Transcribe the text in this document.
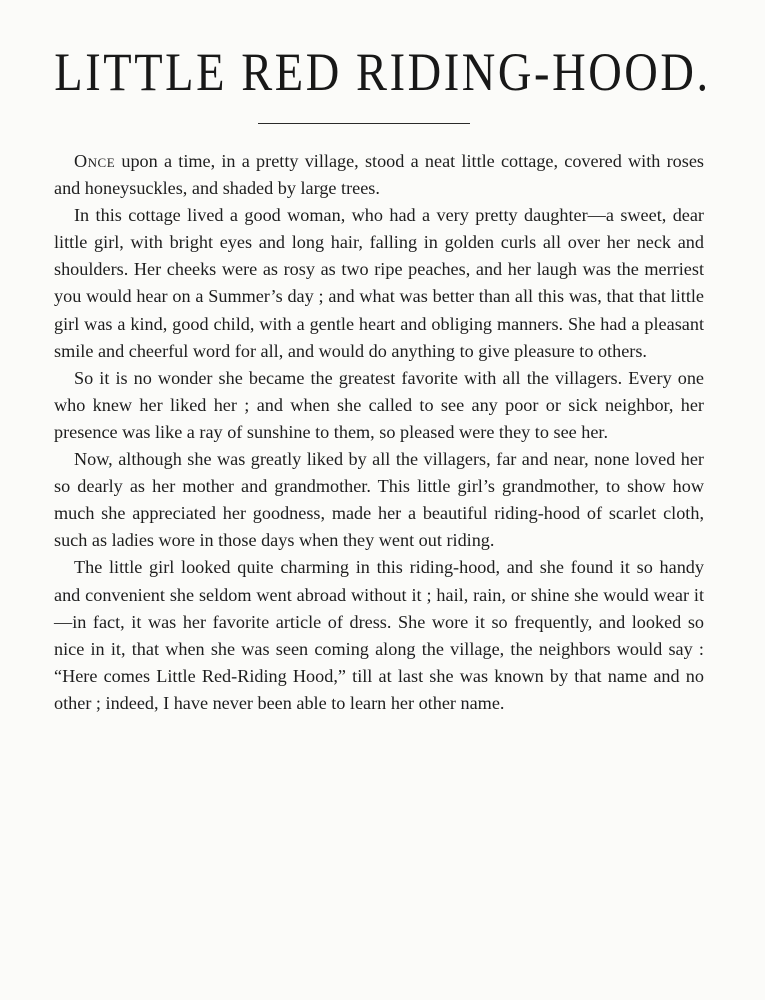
LITTLE RED RIDING-HOOD.

Once upon a time, in a pretty village, stood a neat little cottage, covered with roses and honeysuckles, and shaded by large trees.

In this cottage lived a good woman, who had a very pretty daughter—a sweet, dear little girl, with bright eyes and long hair, falling in golden curls all over her neck and shoulders. Her cheeks were as rosy as two ripe peaches, and her laugh was the merriest you would hear on a Summer’s day ; and what was better than all this was, that that little girl was a kind, good child, with a gentle heart and obliging manners. She had a pleasant smile and cheerful word for all, and would do anything to give pleasure to others.

So it is no wonder she became the greatest favorite with all the villagers. Every one who knew her liked her ; and when she called to see any poor or sick neighbor, her presence was like a ray of sunshine to them, so pleased were they to see her.

Now, although she was greatly liked by all the villagers, far and near, none loved her so dearly as her mother and grandmother. This little girl’s grandmother, to show how much she appreciated her goodness, made her a beautiful riding-hood of scarlet cloth, such as ladies wore in those days when they went out riding.

The little girl looked quite charming in this riding-hood, and she found it so handy and convenient she seldom went abroad without it ; hail, rain, or shine she would wear it—in fact, it was her favorite article of dress. She wore it so frequently, and looked so nice in it, that when she was seen coming along the village, the neighbors would say : “Here comes Little Red-Riding Hood,” till at last she was known by that name and no other ; indeed, I have never been able to learn her other name.
